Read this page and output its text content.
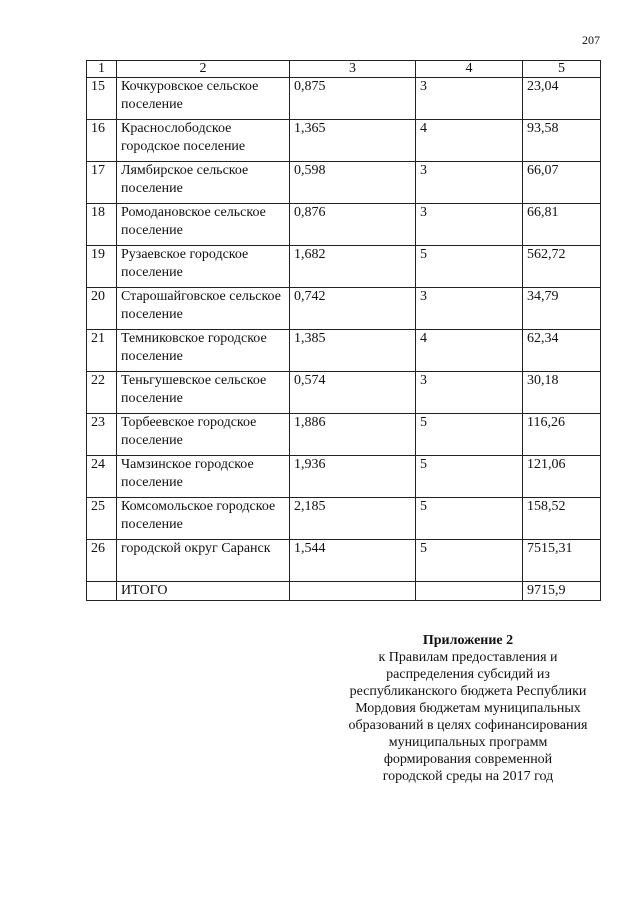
207
1	2	3	4	5
15	Кочкуровское сельское поселение	0,875	3	23,04
16	Краснослободское городское поселение	1,365	4	93,58
17	Лямбирское сельское поселение	0,598	3	66,07
18	Ромодановское сельское поселение	0,876	3	66,81
19	Рузаевское городское поселение	1,682	5	562,72
20	Старошайговское сельское поселение	0,742	3	34,79
21	Темниковское городское поселение	1,385	4	62,34
22	Теньгушевское сельское поселение	0,574	3	30,18
23	Торбеевское городское поселение	1,886	5	116,26
24	Чамзинское городское поселение	1,936	5	121,06
25	Комсомольское городское поселение	2,185	5	158,52
26	городской округ Саранск	1,544	5	7515,31
	ИТОГО			9715,9
Приложение 2
к Правилам предоставления и
распределения субсидий из
республиканского бюджета Республики
Мордовия бюджетам муниципальных
образований в целях софинансирования
муниципальных программ
формирования современной
городской среды на 2017 год
